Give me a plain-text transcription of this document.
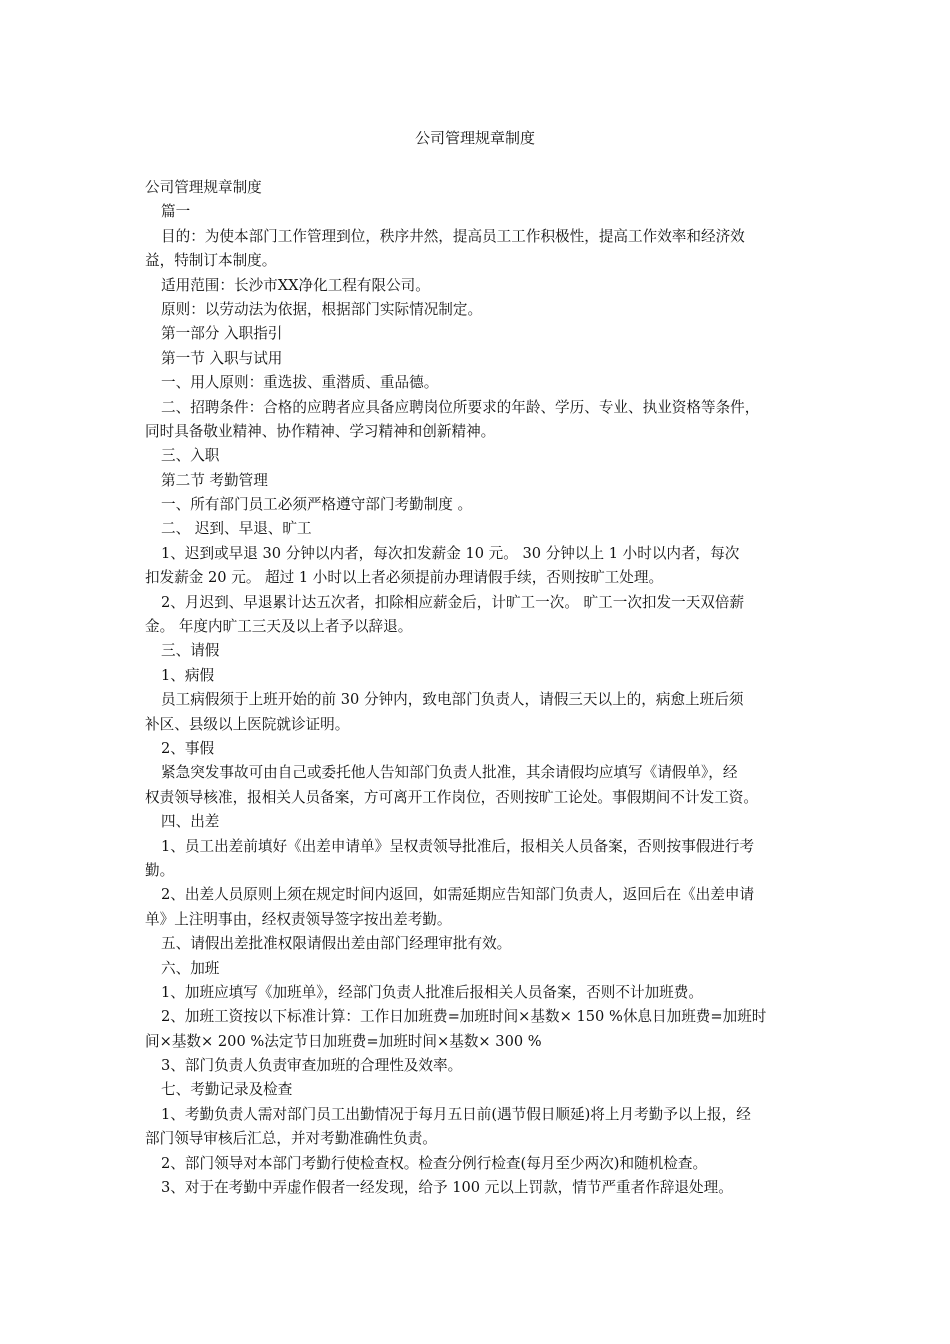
公司管理规章制度
公司管理规章制度
篇一
目的：为使本部门工作管理到位，秩序井然，提高员工工作积极性，提高工作效率和经济效
益，特制订本制度。
适用范围：长沙市XX净化工程有限公司。
原则：以劳动法为依据，根据部门实际情况制定。
第一部分 入职指引
第一节 入职与试用
一、用人原则：重选拔、重潜质、重品德。
二、招聘条件：合格的应聘者应具备应聘岗位所要求的年龄、学历、专业、执业资格等条件，
同时具备敬业精神、协作精神、学习精神和创新精神。
三、入职
第二节 考勤管理
一、所有部门员工必须严格遵守部门考勤制度 。
二、 迟到、早退、旷工
1、迟到或早退 30 分钟以内者，每次扣发薪金 10 元。 30 分钟以上 1 小时以内者，每次
扣发薪金 20 元。 超过 1 小时以上者必须提前办理请假手续，否则按旷工处理。
2、月迟到、早退累计达五次者，扣除相应薪金后，计旷工一次。 旷工一次扣发一天双倍薪
金。 年度内旷工三天及以上者予以辞退。
三、请假
1、病假
员工病假须于上班开始的前 30 分钟内，致电部门负责人，请假三天以上的，病愈上班后须
补区、县级以上医院就诊证明。
2、事假
紧急突发事故可由自己或委托他人告知部门负责人批准，其余请假均应填写《请假单》，经
权责领导核准，报相关人员备案，方可离开工作岗位，否则按旷工论处。事假期间不计发工资。
四、出差
1、员工出差前填好《出差申请单》呈权责领导批准后，报相关人员备案，否则按事假进行考
勤。
2、出差人员原则上须在规定时间内返回，如需延期应告知部门负责人，返回后在《出差申请
单》上注明事由，经权责领导签字按出差考勤。
五、请假出差批准权限请假出差由部门经理审批有效。
六、加班
1、加班应填写《加班单》，经部门负责人批准后报相关人员备案，否则不计加班费。
2、加班工资按以下标准计算：工作日加班费=加班时间×基数× 150 %休息日加班费=加班时
间×基数× 200 %法定节日加班费=加班时间×基数× 300 %
3、部门负责人负责审查加班的合理性及效率。
七、考勤记录及检查
1、考勤负责人需对部门员工出勤情况于每月五日前(遇节假日顺延)将上月考勤予以上报，经
部门领导审核后汇总，并对考勤准确性负责。
2、部门领导对本部门考勤行使检查权。检查分例行检查(每月至少两次)和随机检查。
3、对于在考勤中弄虚作假者一经发现，给予 100 元以上罚款，情节严重者作辞退处理。
